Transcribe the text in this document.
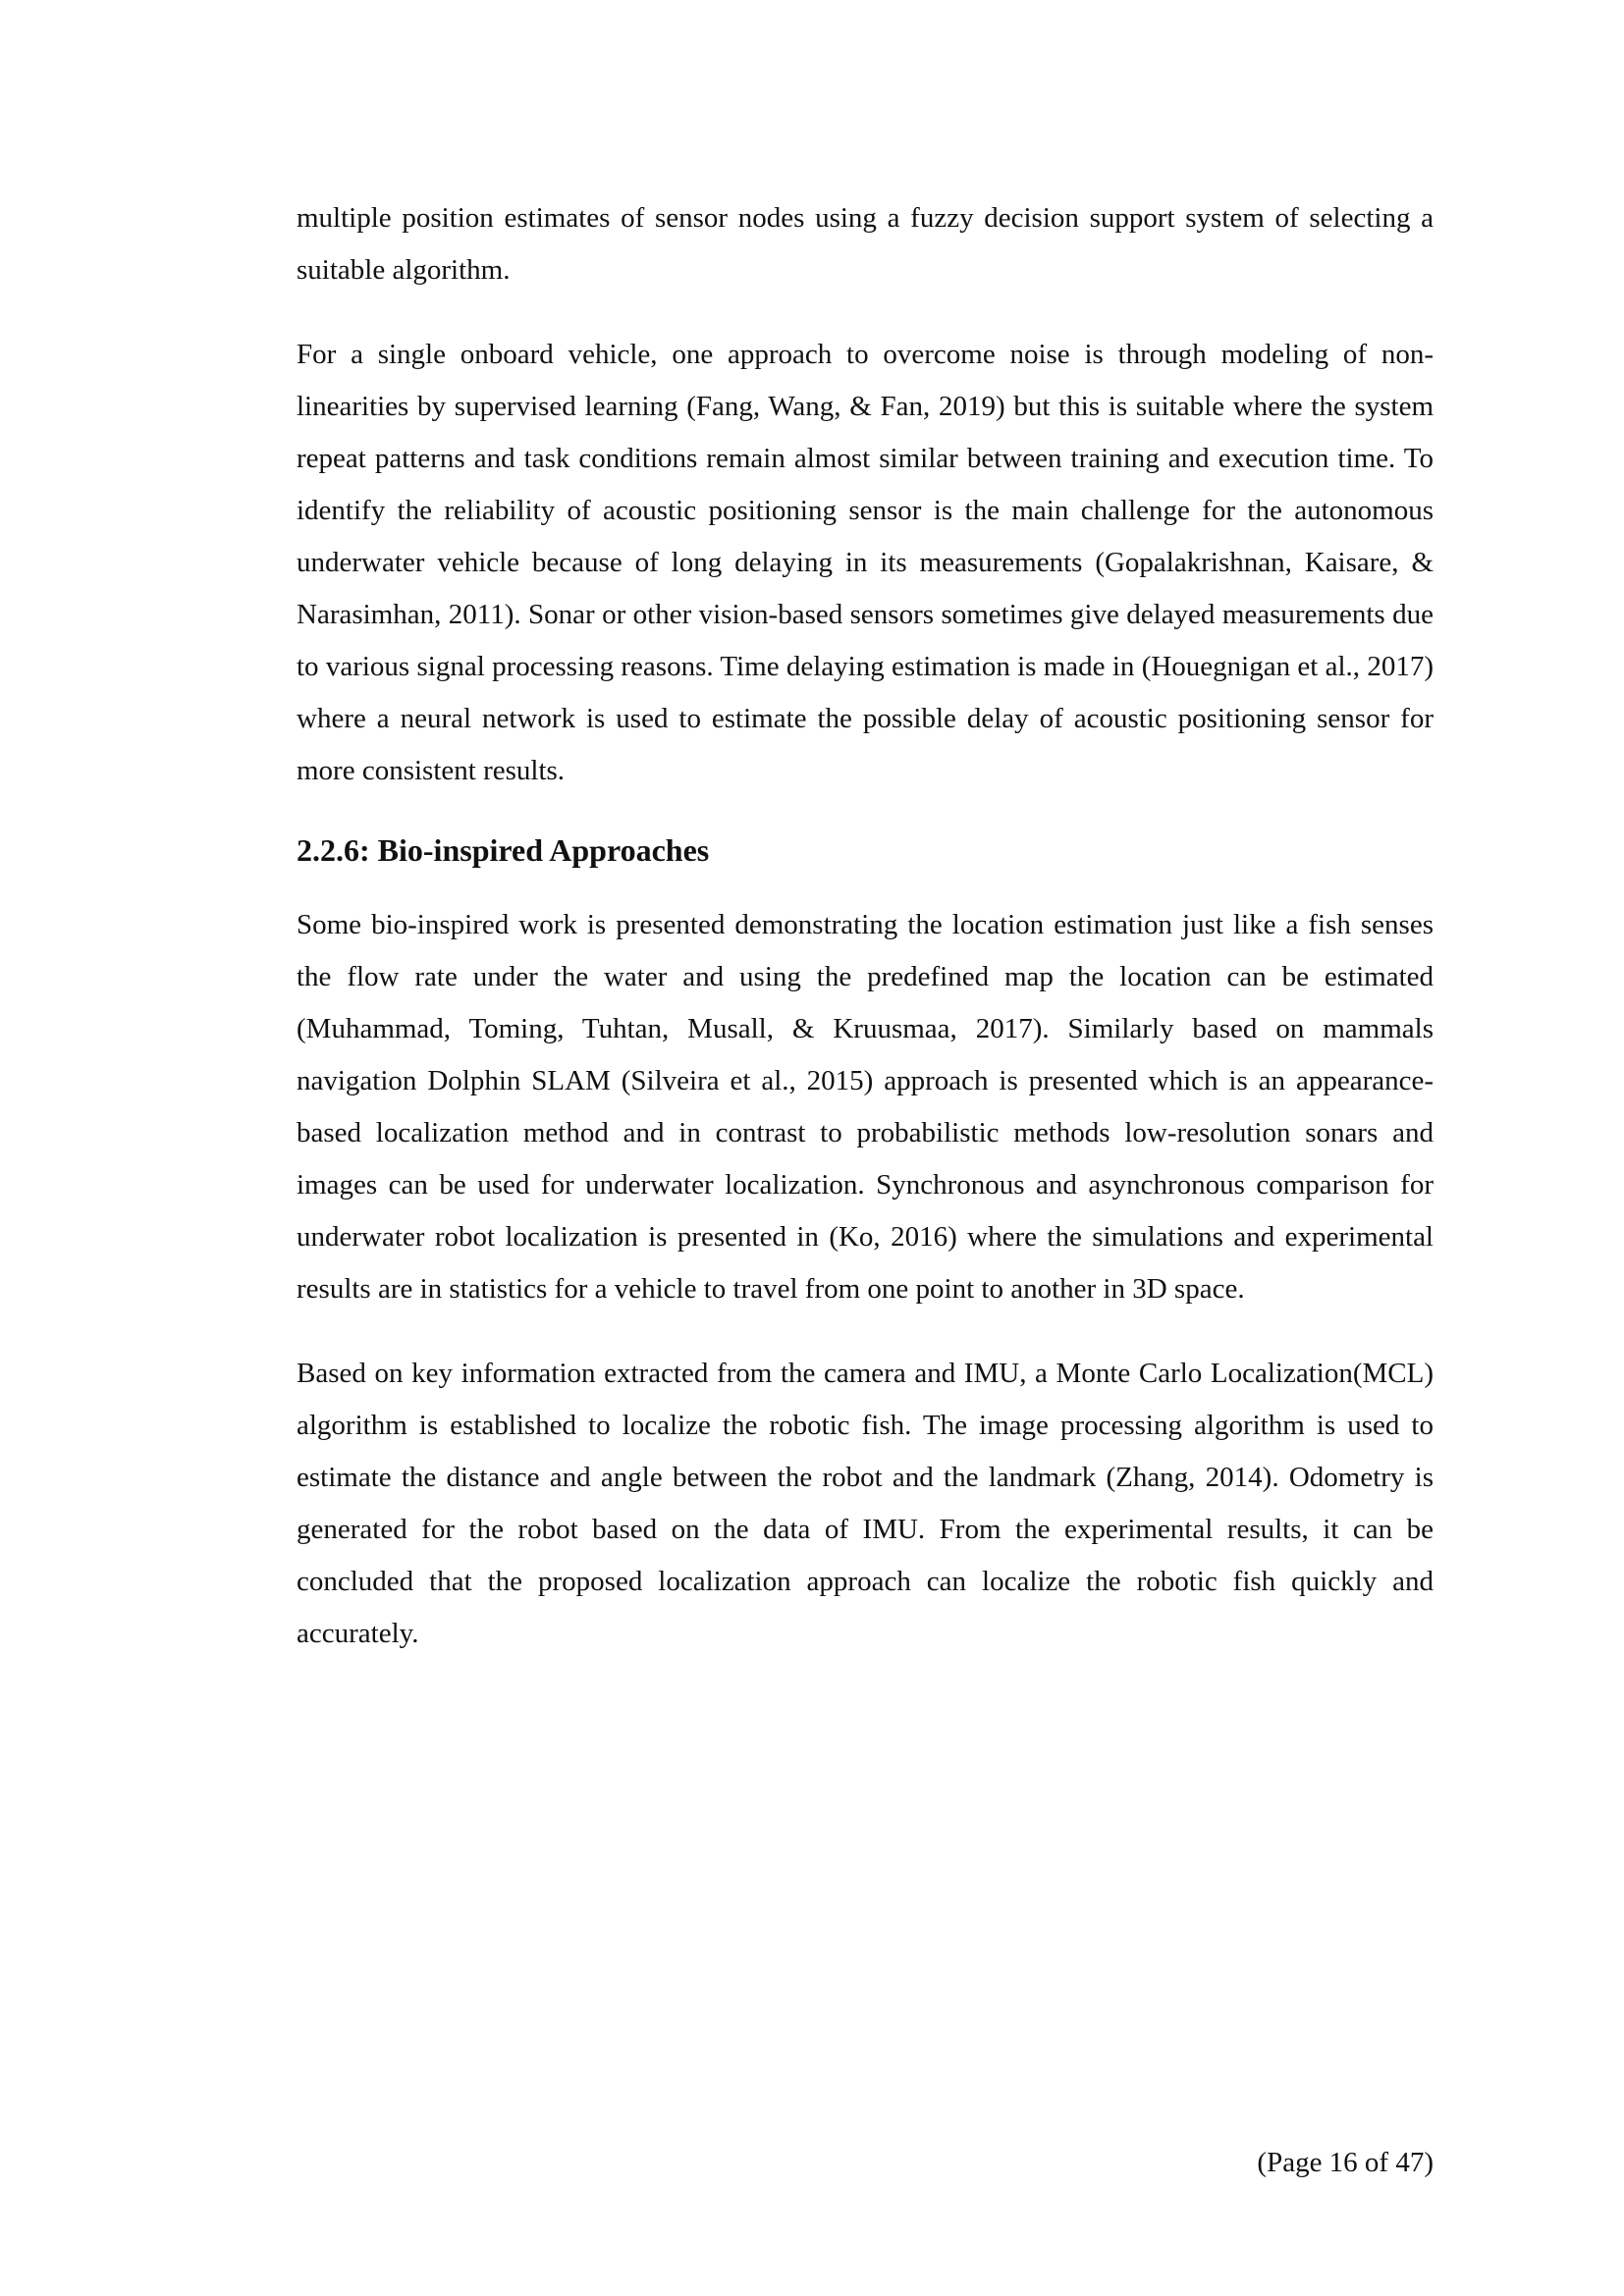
multiple position estimates of sensor nodes using a fuzzy decision support system of selecting a suitable algorithm.

For a single onboard vehicle, one approach to overcome noise is through modeling of non-linearities by supervised learning (Fang, Wang, & Fan, 2019) but this is suitable where the system repeat patterns and task conditions remain almost similar between training and execution time. To identify the reliability of acoustic positioning sensor is the main challenge for the autonomous underwater vehicle because of long delaying in its measurements (Gopalakrishnan, Kaisare, & Narasimhan, 2011). Sonar or other vision-based sensors sometimes give delayed measurements due to various signal processing reasons. Time delaying estimation is made in (Houegnigan et al., 2017) where a neural network is used to estimate the possible delay of acoustic positioning sensor for more consistent results.

2.2.6: Bio-inspired Approaches

Some bio-inspired work is presented demonstrating the location estimation just like a fish senses the flow rate under the water and using the predefined map the location can be estimated (Muhammad, Toming, Tuhtan, Musall, & Kruusmaa, 2017). Similarly based on mammals navigation Dolphin SLAM (Silveira et al., 2015) approach is presented which is an appearance-based localization method and in contrast to probabilistic methods low-resolution sonars and images can be used for underwater localization. Synchronous and asynchronous comparison for underwater robot localization is presented in (Ko, 2016) where the simulations and experimental results are in statistics for a vehicle to travel from one point to another in 3D space.

Based on key information extracted from the camera and IMU, a Monte Carlo Localization(MCL) algorithm is established to localize the robotic fish. The image processing algorithm is used to estimate the distance and angle between the robot and the landmark (Zhang, 2014). Odometry is generated for the robot based on the data of IMU. From the experimental results, it can be concluded that the proposed localization approach can localize the robotic fish quickly and accurately.

(Page 16 of 47)
